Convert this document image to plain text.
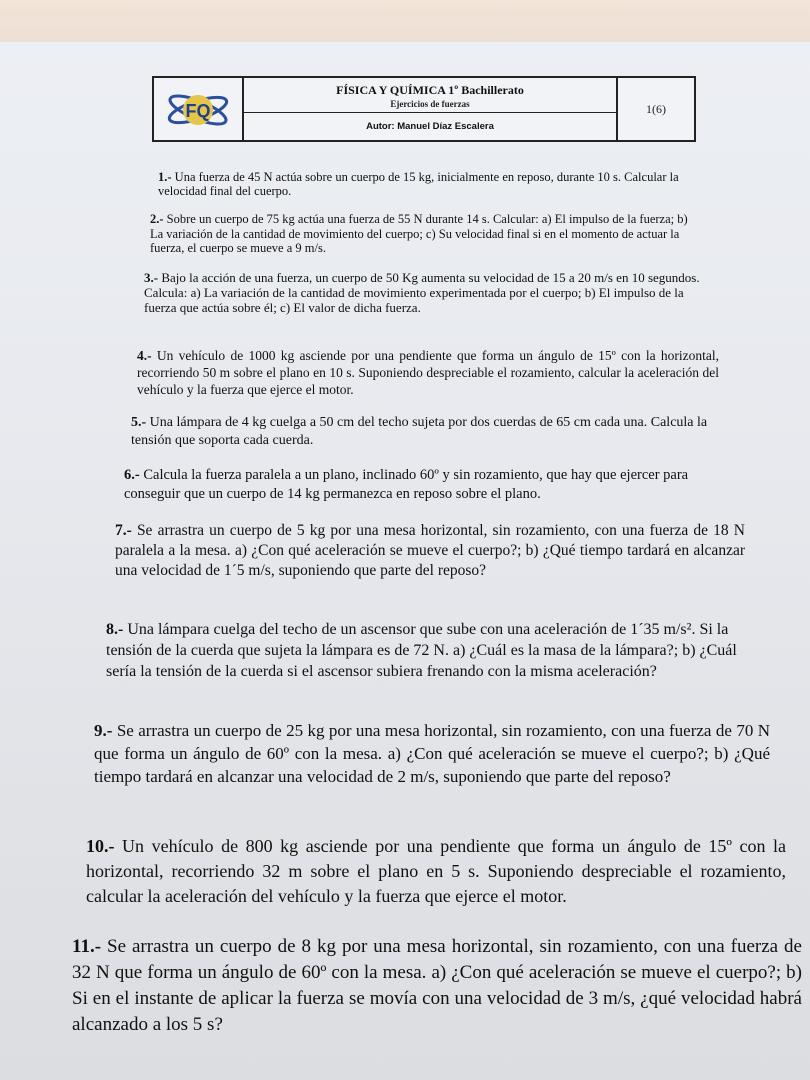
FQ
FÍSICA Y QUÍMICA 1º Bachillerato
Ejercicios de fuerzas
Autor: Manuel Díaz Escalera
1(6)

1.- Una fuerza de 45 N actúa sobre un cuerpo de 15 kg, inicialmente en reposo, durante 10 s. Calcular la velocidad final del cuerpo.

2.- Sobre un cuerpo de 75 kg actúa una fuerza de 55 N durante 14 s. Calcular: a) El impulso de la fuerza; b) La variación de la cantidad de movimiento del cuerpo; c) Su velocidad final si en el momento de actuar la fuerza, el cuerpo se mueve a 9 m/s.

3.- Bajo la acción de una fuerza, un cuerpo de 50 Kg aumenta su velocidad de 15 a 20 m/s en 10 segundos. Calcula: a) La variación de la cantidad de movimiento experimentada por el cuerpo; b) El impulso de la fuerza que actúa sobre él; c) El valor de dicha fuerza.

4.- Un vehículo de 1000 kg asciende por una pendiente que forma un ángulo de 15º con la horizontal, recorriendo 50 m sobre el plano en 10 s. Suponiendo despreciable el rozamiento, calcular la aceleración del vehículo y la fuerza que ejerce el motor.

5.- Una lámpara de 4 kg cuelga a 50 cm del techo sujeta por dos cuerdas de 65 cm cada una. Calcula la tensión que soporta cada cuerda.

6.- Calcula la fuerza paralela a un plano, inclinado 60º y sin rozamiento, que hay que ejercer para conseguir que un cuerpo de 14 kg permanezca en reposo sobre el plano.

7.- Se arrastra un cuerpo de 5 kg por una mesa horizontal, sin rozamiento, con una fuerza de 18 N paralela a la mesa. a) ¿Con qué aceleración se mueve el cuerpo?; b) ¿Qué tiempo tardará en alcanzar una velocidad de 1´5 m/s, suponiendo que parte del reposo?

8.- Una lámpara cuelga del techo de un ascensor que sube con una aceleración de 1´35 m/s². Si la tensión de la cuerda que sujeta la lámpara es de 72 N. a) ¿Cuál es la masa de la lámpara?; b) ¿Cuál sería la tensión de la cuerda si el ascensor subiera frenando con la misma aceleración?

9.- Se arrastra un cuerpo de 25 kg por una mesa horizontal, sin rozamiento, con una fuerza de 70 N que forma un ángulo de 60º con la mesa. a) ¿Con qué aceleración se mueve el cuerpo?; b) ¿Qué tiempo tardará en alcanzar una velocidad de 2 m/s, suponiendo que parte del reposo?

10.- Un vehículo de 800 kg asciende por una pendiente que forma un ángulo de 15º con la horizontal, recorriendo 32 m sobre el plano en 5 s. Suponiendo despreciable el rozamiento, calcular la aceleración del vehículo y la fuerza que ejerce el motor.

11.- Se arrastra un cuerpo de 8 kg por una mesa horizontal, sin rozamiento, con una fuerza de 32 N que forma un ángulo de 60º con la mesa. a) ¿Con qué aceleración se mueve el cuerpo?; b) Si en el instante de aplicar la fuerza se movía con una velocidad de 3 m/s, ¿qué velocidad habrá alcanzado a los 5 s?
